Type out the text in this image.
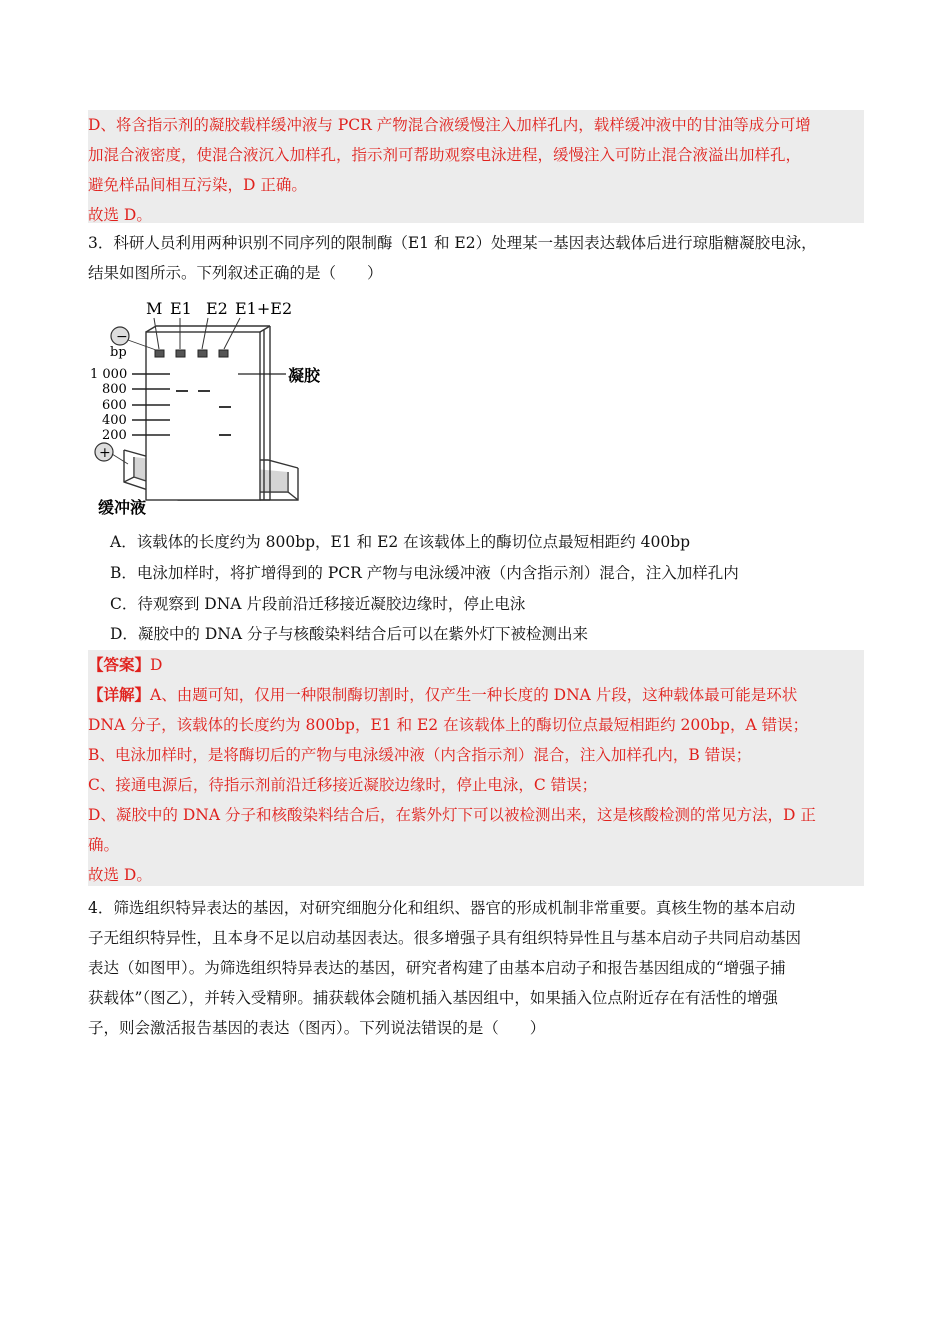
D、将含指示剂的凝胶载样缓冲液与 PCR 产物混合液缓慢注入加样孔内，载样缓冲液中的甘油等成分可增

加混合液密度，使混合液沉入加样孔，指示剂可帮助观察电泳进程，缓慢注入可防止混合液溢出加样孔，

避免样品间相互污染，D 正确。

故选 D。

3．科研人员利用两种识别不同序列的限制酶（E1 和 E2）处理某一基因表达载体后进行琼脂糖凝胶电泳，

结果如图所示。下列叙述正确的是（　　）

M E1 E2 E1+E2
−
bp
1 000
800
600
400
200
凝胶
+
缓冲液
A．该载体的长度约为 800bp，E1 和 E2 在该载体上的酶切位点最短相距约 400bp
B．电泳加样时，将扩增得到的 PCR 产物与电泳缓冲液（内含指示剂）混合，注入加样孔内
C．待观察到 DNA 片段前沿迁移接近凝胶边缘时，停止电泳
D．凝胶中的 DNA 分子与核酸染料结合后可以在紫外灯下被检测出来

【答案】D

【详解】A、由题可知，仅用一种限制酶切割时，仅产生一种长度的 DNA 片段，这种载体最可能是环状

DNA 分子，该载体的长度约为 800bp，E1 和 E2 在该载体上的酶切位点最短相距约 200bp，A 错误；

B、电泳加样时，是将酶切后的产物与电泳缓冲液（内含指示剂）混合，注入加样孔内，B 错误；

C、接通电源后，待指示剂前沿迁移接近凝胶边缘时，停止电泳，C 错误；

D、凝胶中的 DNA 分子和核酸染料结合后，在紫外灯下可以被检测出来，这是核酸检测的常见方法，D 正

确。

故选 D。

4．筛选组织特异表达的基因，对研究细胞分化和组织、器官的形成机制非常重要。真核生物的基本启动

子无组织特异性，且本身不足以启动基因表达。很多增强子具有组织特异性且与基本启动子共同启动基因

表达（如图甲）。为筛选组织特异表达的基因，研究者构建了由基本启动子和报告基因组成的“增强子捕

获载体”（图乙），并转入受精卵。捕获载体会随机插入基因组中，如果插入位点附近存在有活性的增强

子，则会激活报告基因的表达（图丙）。下列说法错误的是（　　）
